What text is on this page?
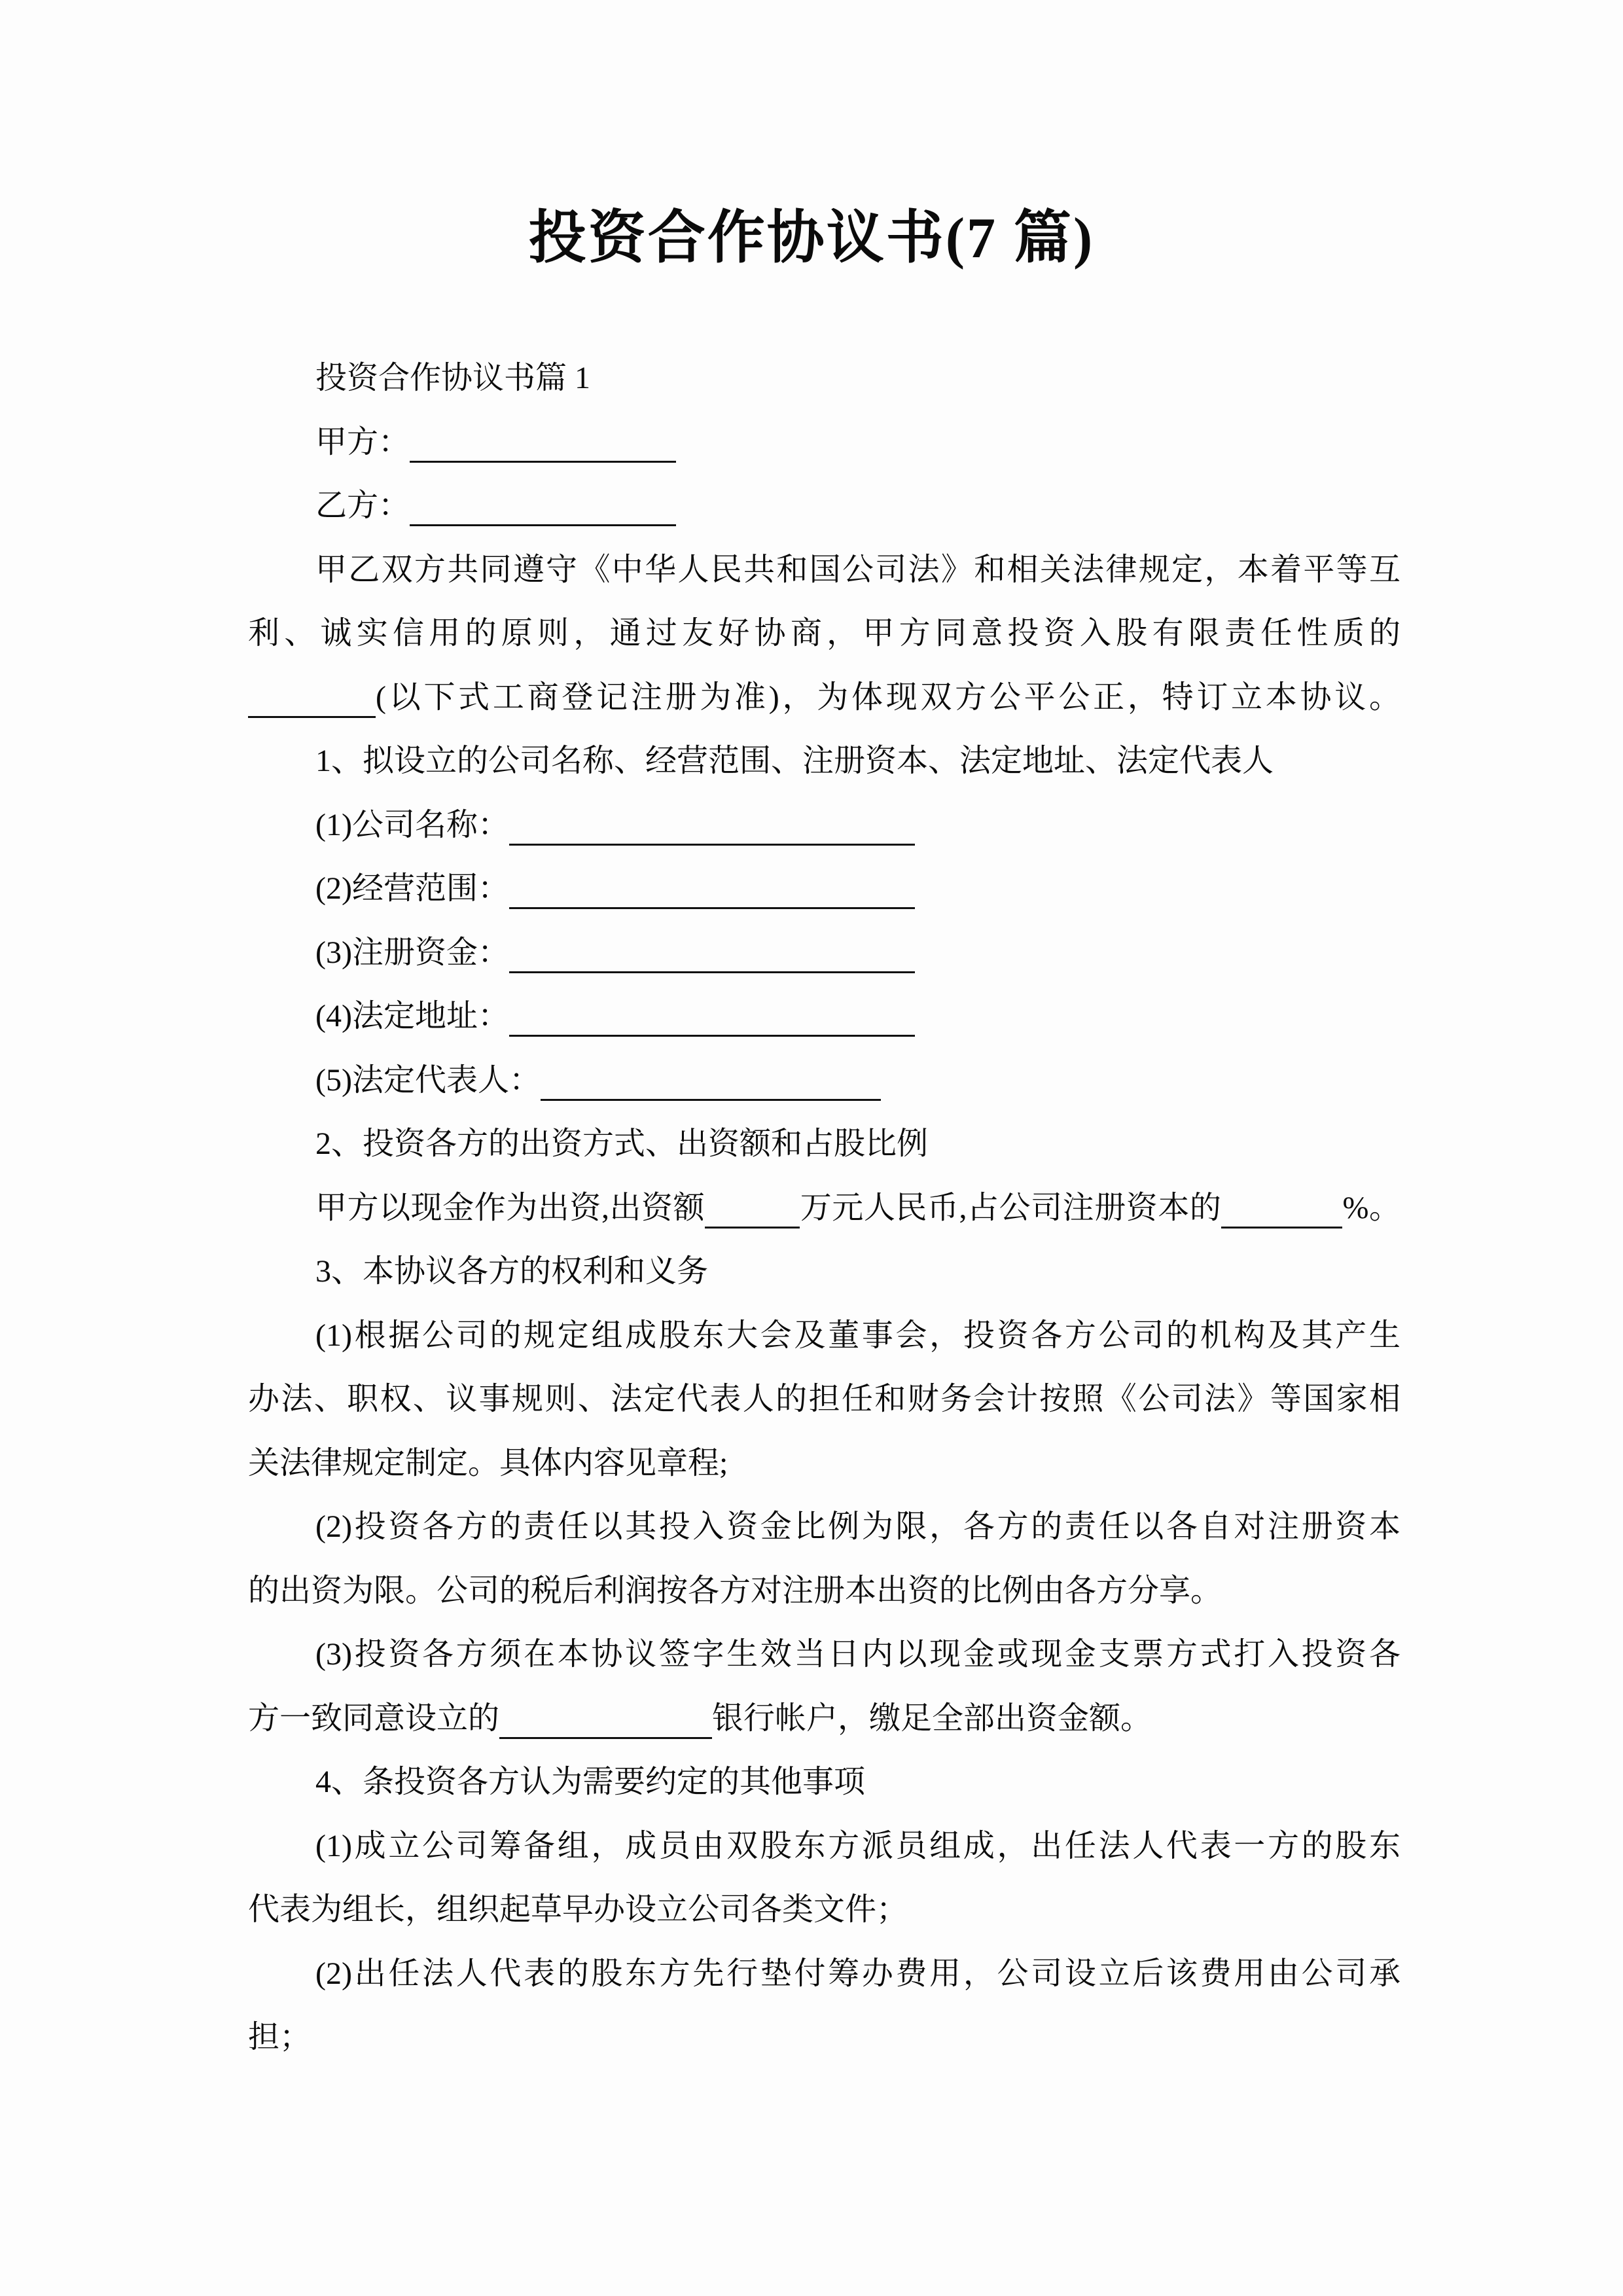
投资合作协议书(7 篇)
投资合作协议书篇 1
甲方：
乙方：
甲乙双方共同遵守《中华人民共和国公司法》和相关法律规定，本着平等互
利、诚实信用的原则，通过友好协商，甲方同意投资入股有限责任性质的
(以下式工商登记注册为准)，为体现双方公平公正，特订立本协议。
1、拟设立的公司名称、经营范围、注册资本、法定地址、法定代表人
(1)公司名称：
(2)经营范围：
(3)注册资金：
(4)法定地址：
(5)法定代表人：
2、投资各方的出资方式、出资额和占股比例
甲方以现金作为出资,出资额	万元人民币,占公司注册资本的	%。
3、本协议各方的权利和义务
(1)根据公司的规定组成股东大会及董事会，投资各方公司的机构及其产生
办法、职权、议事规则、法定代表人的担任和财务会计按照《公司法》等国家相
关法律规定制定。具体内容见章程;
(2)投资各方的责任以其投入资金比例为限，各方的责任以各自对注册资本
的出资为限。公司的税后利润按各方对注册本出资的比例由各方分享。
(3)投资各方须在本协议签字生效当日内以现金或现金支票方式打入投资各
方一致同意设立的	银行帐户，缴足全部出资金额。
4、条投资各方认为需要约定的其他事项
(1)成立公司筹备组，成员由双股东方派员组成，出任法人代表一方的股东
代表为组长，组织起草早办设立公司各类文件；
(2)出任法人代表的股东方先行垫付筹办费用，公司设立后该费用由公司承
担；
